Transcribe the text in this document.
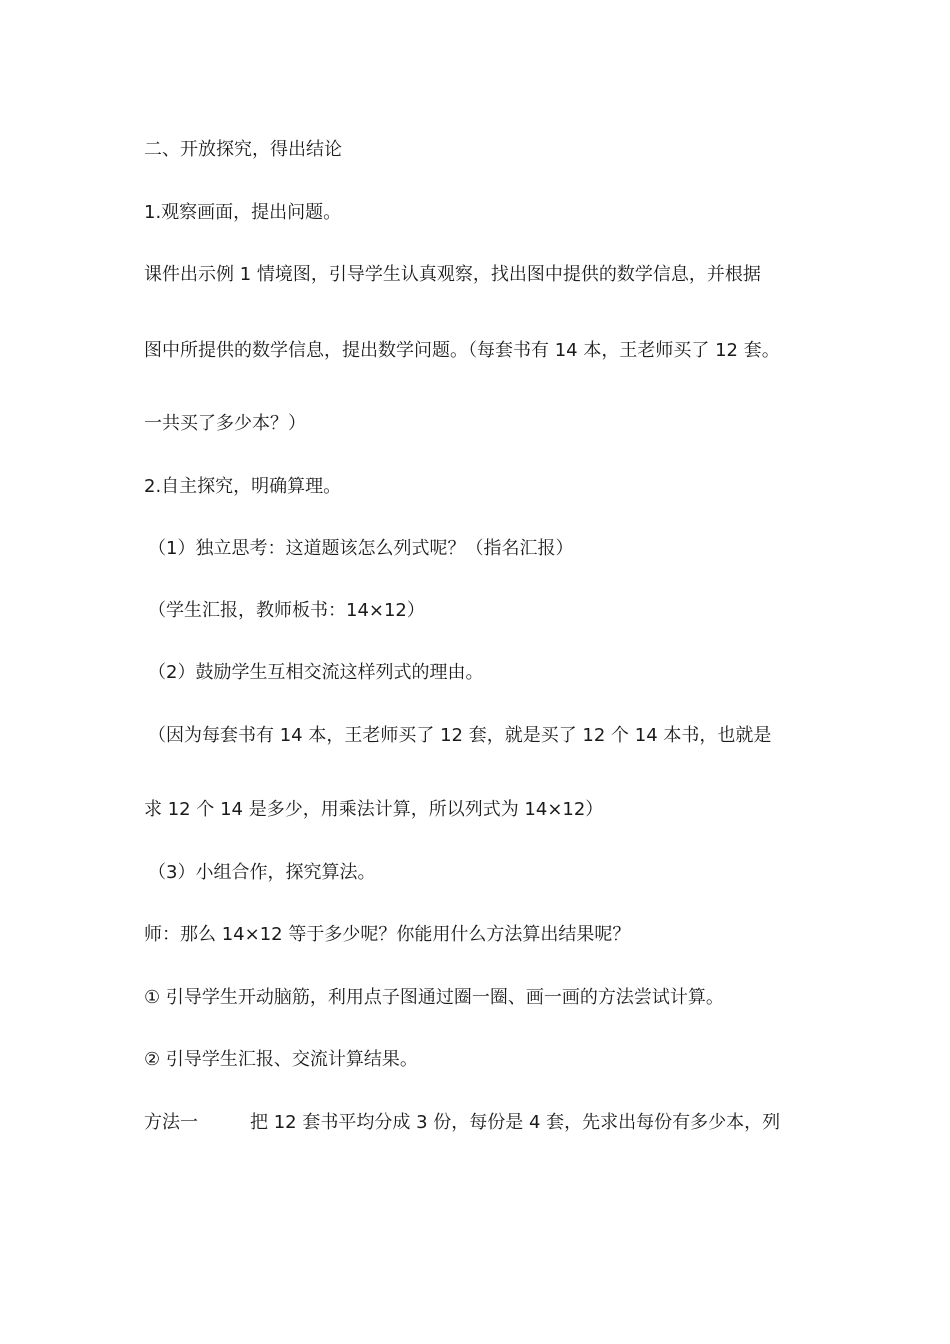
二、开放探究，得出结论
1.观察画面，提出问题。
课件出示例 1 情境图，引导学生认真观察，找出图中提供的数学信息，并根据
图中所提供的数学信息，提出数学问题。（每套书有 14 本，王老师买了 12 套。
一共买了多少本？）
2.自主探究，明确算理。
（1）独立思考：这道题该怎么列式呢？（指名汇报）
（学生汇报，教师板书：14×12）
（2）鼓励学生互相交流这样列式的理由。
（因为每套书有 14 本，王老师买了 12 套，就是买了 12 个 14 本书，也就是
求 12 个 14 是多少，用乘法计算，所以列式为 14×12）
（3）小组合作，探究算法。
师：那么 14×12 等于多少呢？你能用什么方法算出结果呢？
① 引导学生开动脑筋，利用点子图通过圈一圈、画一画的方法尝试计算。
② 引导学生汇报、交流计算结果。
方法一	把 12 套书平均分成 3 份，每份是 4 套，先求出每份有多少本，列
